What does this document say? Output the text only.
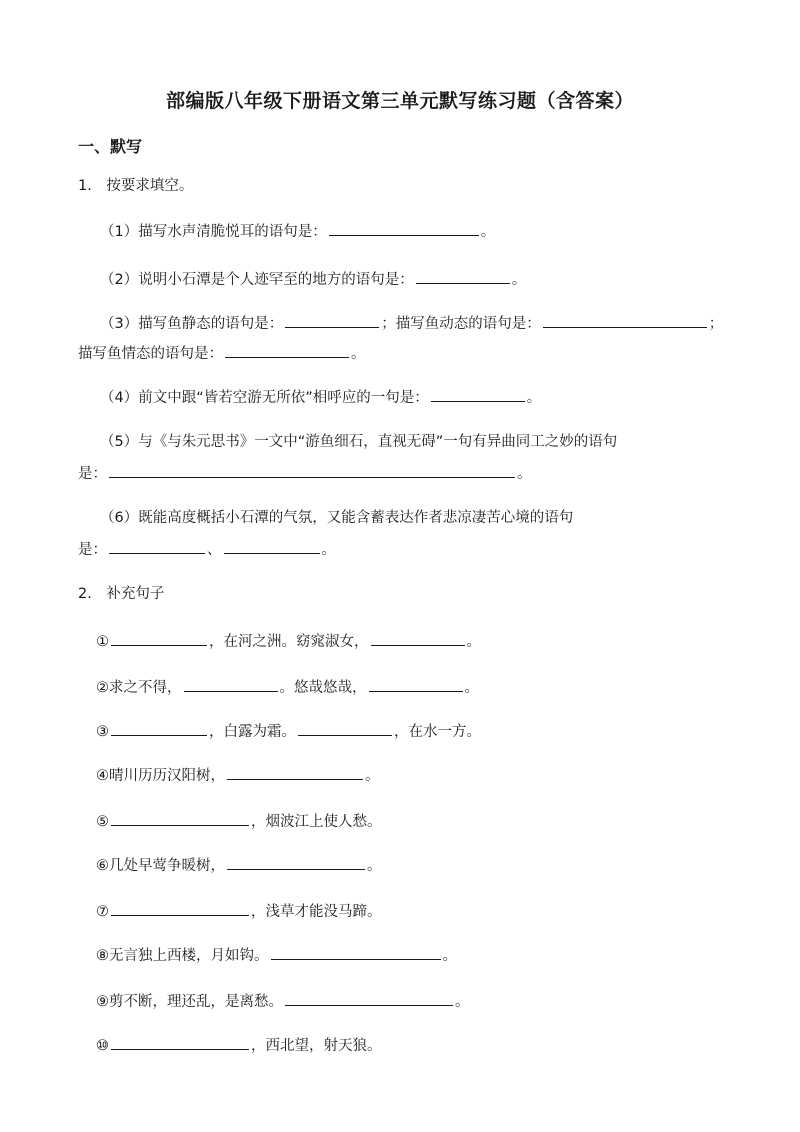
部编版八年级下册语文第三单元默写练习题（含答案）
一、默写
1.　按要求填空。
（1）描写水声清脆悦耳的语句是：	。
（2）说明小石潭是个人迹罕至的地方的语句是：	。
（3）描写鱼静态的语句是：	；描写鱼动态的语句是：	；
描写鱼情态的语句是：	。
（4）前文中跟“皆若空游无所依”相呼应的一句是：	。
（5）与《与朱元思书》一文中“游鱼细石，直视无碍”一句有异曲同工之妙的语句
是：	。
（6）既能高度概括小石潭的气氛，又能含蓄表达作者悲凉凄苦心境的语句
是：	、	。
2.　补充句子
①	，在河之洲。窈窕淑女，	。
②求之不得，	。悠哉悠哉，	。
③	，白露为霜。	，在水一方。
④晴川历历汉阳树，	。
⑤	，烟波江上使人愁。
⑥几处早莺争暖树，	。
⑦	，浅草才能没马蹄。
⑧无言独上西楼，月如钩。	。
⑨剪不断，理还乱，是离愁。	。
⑩	，西北望，射天狼。
